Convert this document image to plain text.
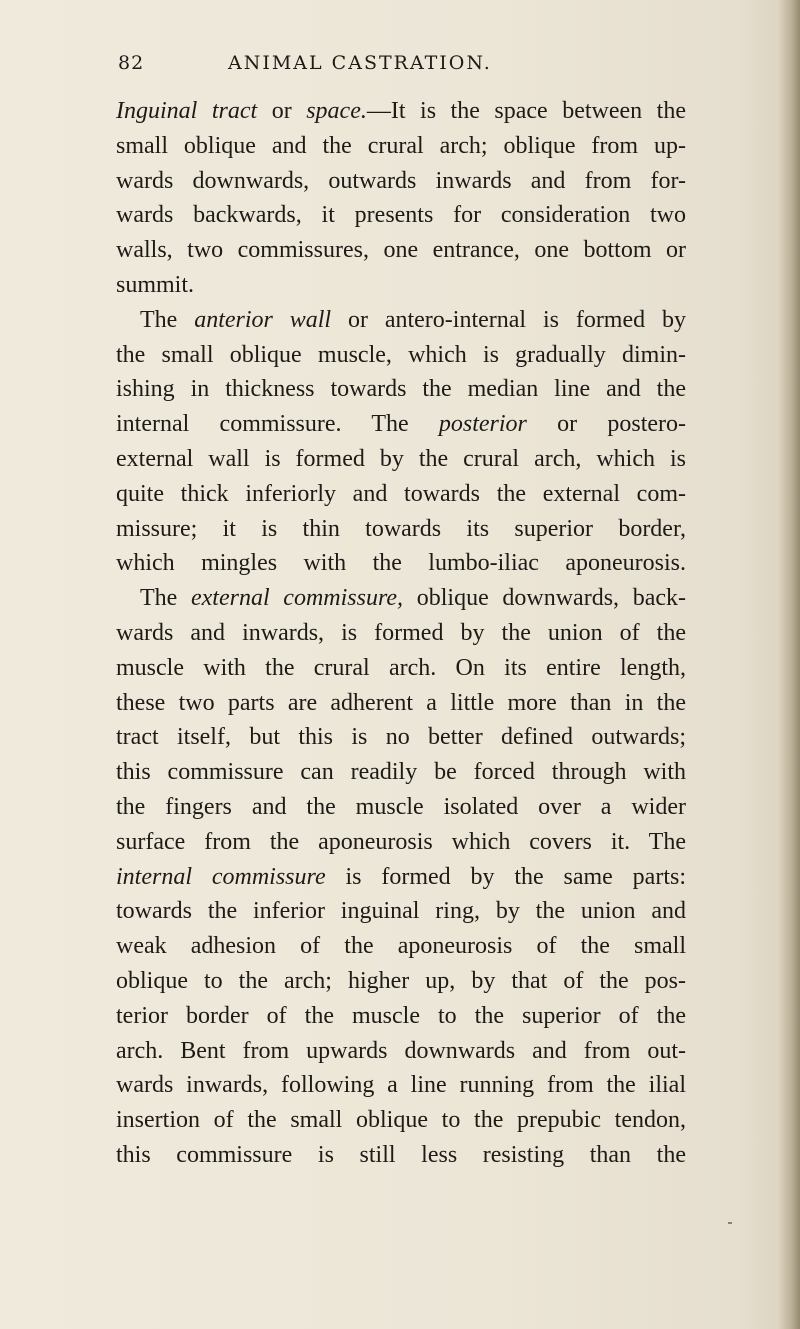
82	ANIMAL CASTRATION.
Inguinal tract or space.—It is the space between the
small oblique and the crural arch; oblique from up-
wards downwards, outwards inwards and from for-
wards backwards, it presents for consideration two
walls, two commissures, one entrance, one bottom or
summit.
The anterior wall or antero-internal is formed by
the small oblique muscle, which is gradually dimin-
ishing in thickness towards the median line and the
internal commissure. The posterior or postero-
external wall is formed by the crural arch, which is
quite thick inferiorly and towards the external com-
missure; it is thin towards its superior border,
which mingles with the lumbo-iliac aponeurosis.
The external commissure, oblique downwards, back-
wards and inwards, is formed by the union of the
muscle with the crural arch. On its entire length,
these two parts are adherent a little more than in the
tract itself, but this is no better defined outwards;
this commissure can readily be forced through with
the fingers and the muscle isolated over a wider
surface from the aponeurosis which covers it. The
internal commissure is formed by the same parts:
towards the inferior inguinal ring, by the union and
weak adhesion of the aponeurosis of the small
oblique to the arch; higher up, by that of the pos-
terior border of the muscle to the superior of the
arch. Bent from upwards downwards and from out-
wards inwards, following a line running from the ilial
insertion of the small oblique to the prepubic tendon,
this commissure is still less resisting than the
